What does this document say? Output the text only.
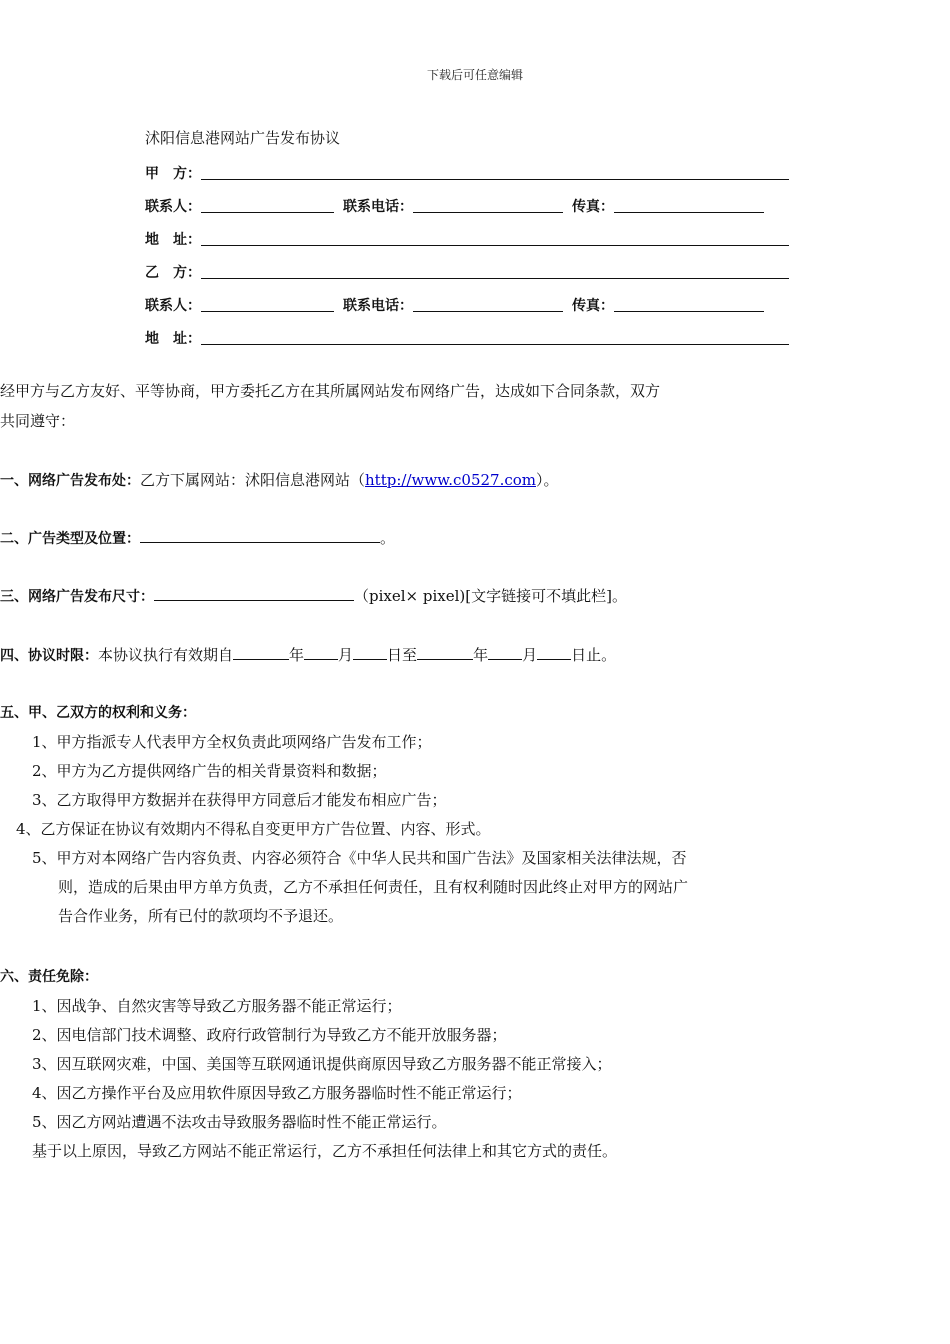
下载后可任意编辑
沭阳信息港网站广告发布协议
甲　方：
联系人：	联系电话：	传真：
地　址：
乙　方：
联系人：	联系电话：	传真：
地　址：
经甲方与乙方友好、平等协商，甲方委托乙方在其所属网站发布网络广告，达成如下合同条款，双方共同遵守：
一、网络广告发布处：乙方下属网站：沭阳信息港网站（http://www.c0527.com）。
二、广告类型及位置：	。
三、网络广告发布尺寸：	（pixel× pixel)[文字链接可不填此栏]。
四、协议时限：本协议执行有效期自	年 月 日至	年 月 日止。
五、甲、乙双方的权利和义务：
1、甲方指派专人代表甲方全权负责此项网络广告发布工作；
2、甲方为乙方提供网络广告的相关背景资料和数据；
3、乙方取得甲方数据并在获得甲方同意后才能发布相应广告；
4、乙方保证在协议有效期内不得私自变更甲方广告位置、内容、形式。
5、甲方对本网络广告内容负责、内容必须符合《中华人民共和国广告法》及国家相关法律法规，否则，造成的后果由甲方单方负责，乙方不承担任何责任，且有权利随时因此终止对甲方的网站广告合作业务，所有已付的款项均不予退还。
六、责任免除：
1、因战争、自然灾害等导致乙方服务器不能正常运行；
2、因电信部门技术调整、政府行政管制行为导致乙方不能开放服务器；
3、因互联网灾难，中国、美国等互联网通讯提供商原因导致乙方服务器不能正常接入；
4、因乙方操作平台及应用软件原因导致乙方服务器临时性不能正常运行；
5、因乙方网站遭遇不法攻击导致服务器临时性不能正常运行。
基于以上原因，导致乙方网站不能正常运行，乙方不承担任何法律上和其它方式的责任。
